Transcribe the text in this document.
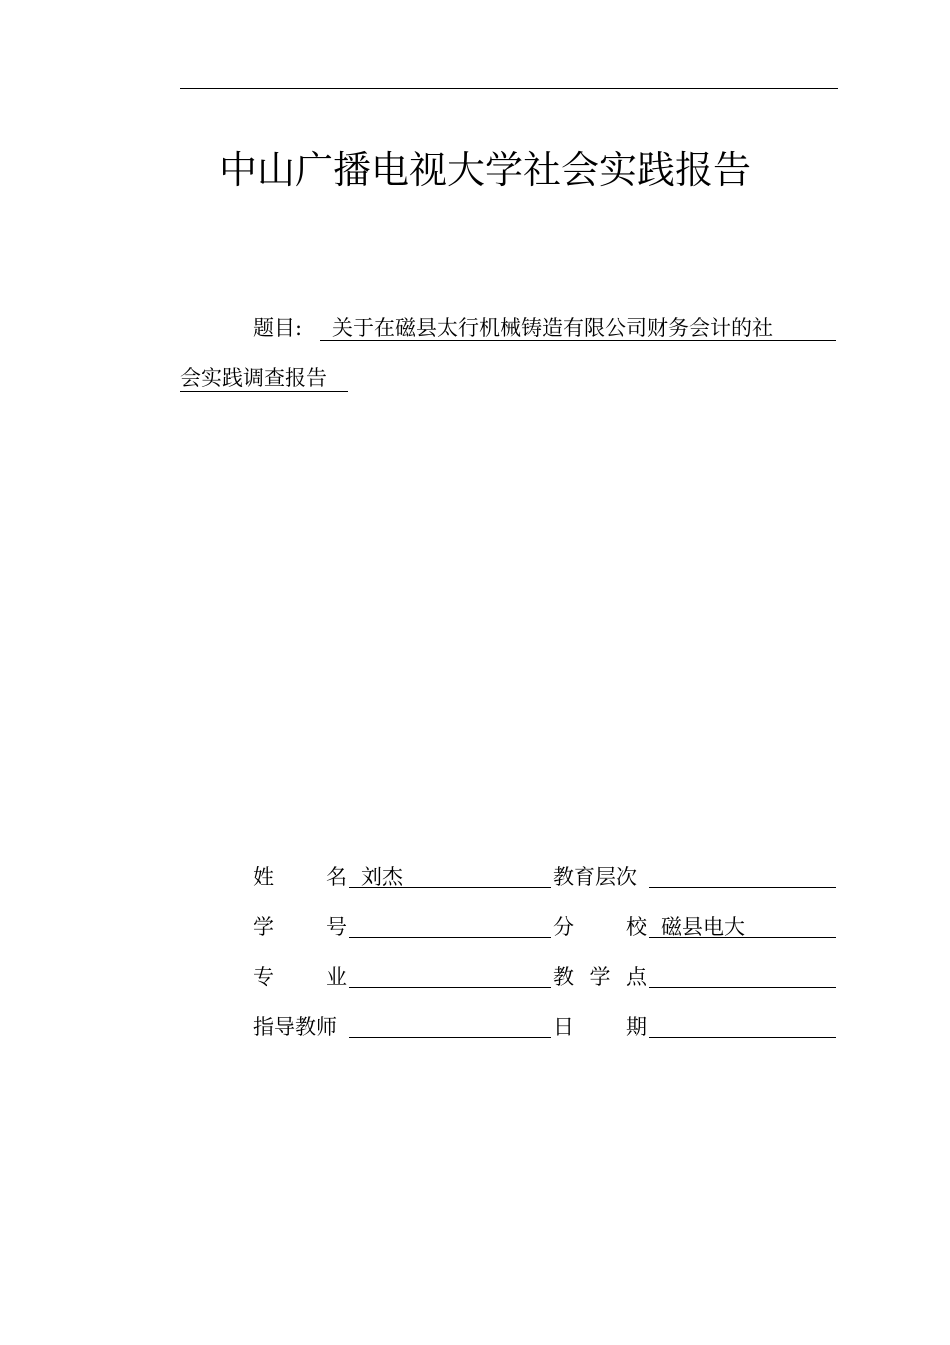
中山广播电视大学社会实践报告
题目:	关于在磁县太行机械铸造有限公司财务会计的社
会实践调查报告
姓 名 刘杰	教育层次
学 号	分 校 磁县电大
专 业	教 学 点
指导教师	日 期
